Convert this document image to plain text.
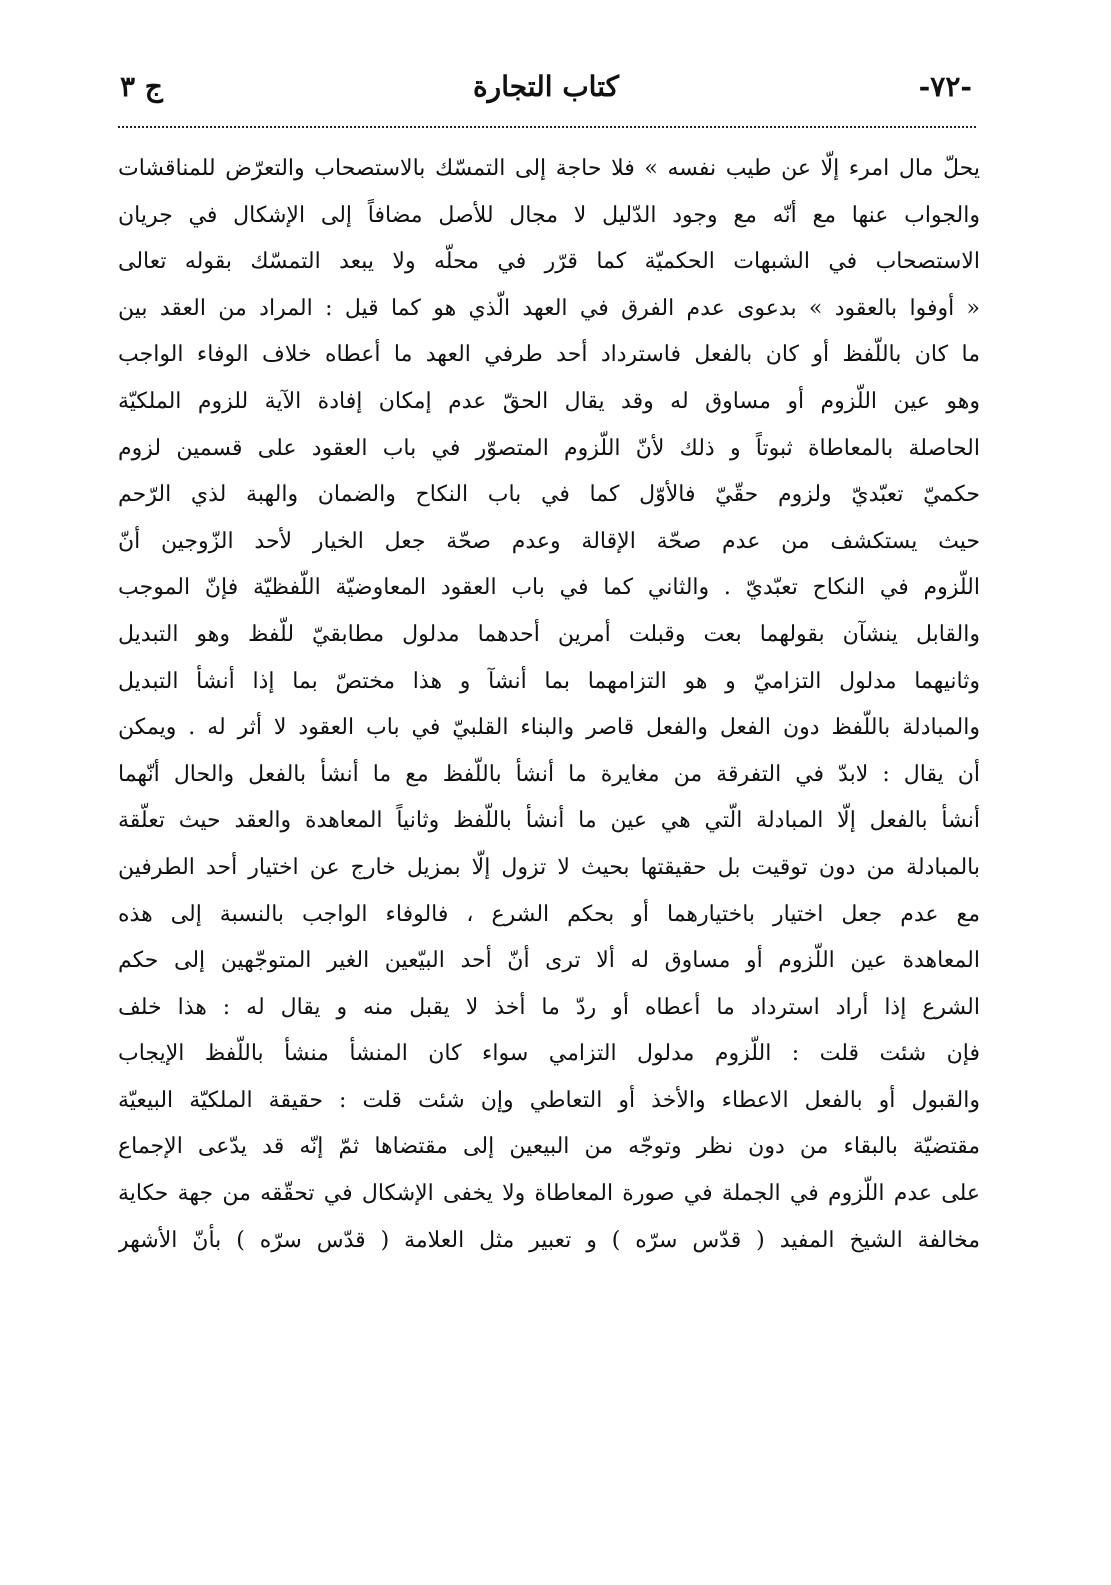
-٧٢-
كتاب التجارة
ج ٣
يحلّ مال امرء إلّا عن طيب نفسه » فلا حاجة إلى التمسّك بالاستصحاب والتعرّض للمناقشات
والجواب عنها مع أنّه مع وجود الدّليل لا مجال للأصل مضافاً إلى الإشكال في جريان
الاستصحاب في الشبهات الحكميّة كما قرّر في محلّه ولا يبعد التمسّك بقوله تعالى
« أوفوا بالعقود » بدعوى عدم الفرق في العهد الّذي هو كما قيل : المراد من العقد بين
ما كان باللّفظ أو كان بالفعل فاسترداد أحد طرفي العهد ما أعطاه خلاف الوفاء الواجب
وهو عين اللّزوم أو مساوق له وقد يقال الحقّ عدم إمكان إفادة الآية للزوم الملكيّة
الحاصلة بالمعاطاة ثبوتاً و ذلك لأنّ اللّزوم المتصوّر في باب العقود على قسمين لزوم
حكميّ تعبّديّ ولزوم حقّيّ فالأوّل كما في باب النكاح والضمان والهبة لذي الرّحم
حيث يستكشف من عدم صحّة الإقالة وعدم صحّة جعل الخيار لأحد الزّوجين أنّ
اللّزوم في النكاح تعبّديّ . والثاني كما في باب العقود المعاوضيّة اللّفظيّة فإنّ الموجب
والقابل ينشآن بقولهما بعت وقبلت أمرين أحدهما مدلول مطابقيّ للّفظ وهو التبديل
وثانيهما مدلول التزاميّ و هو التزامهما بما أنشآ و هذا مختصّ بما إذا أنشأ التبديل
والمبادلة باللّفظ دون الفعل والفعل قاصر والبناء القلبيّ في باب العقود لا أثر له . ويمكن
أن يقال : لابدّ في التفرقة من مغايرة ما أنشأ باللّفظ مع ما أنشأ بالفعل والحال أنّهما
أنشأ بالفعل إلّا المبادلة الّتي هي عين ما أنشأ باللّفظ وثانياً المعاهدة والعقد حيث تعلّقة
بالمبادلة من دون توقيت بل حقيقتها بحيث لا تزول إلّا بمزيل خارج عن اختيار أحد الطرفين
مع عدم جعل اختيار باختيارهما أو بحكم الشرع ، فالوفاء الواجب بالنسبة إلى هذه
المعاهدة عين اللّزوم أو مساوق له ألا ترى أنّ أحد البيّعين الغير المتوجّهين إلى حكم
الشرع إذا أراد استرداد ما أعطاه أو ردّ ما أخذ لا يقبل منه و يقال له : هذا خلف
فإن شئت قلت : اللّزوم مدلول التزامي سواء كان المنشأ منشأ باللّفظ الإيجاب
والقبول أو بالفعل الاعطاء والأخذ أو التعاطي وإن شئت قلت : حقيقة الملكيّة البيعيّة
مقتضيّة بالبقاء من دون نظر وتوجّه من البيعين إلى مقتضاها ثمّ إنّه قد يدّعى الإجماع
على عدم اللّزوم في الجملة في صورة المعاطاة ولا يخفى الإشكال في تحقّقه من جهة حكاية
مخالفة الشيخ المفيد ( قدّس سرّه ) و تعبير مثل العلامة ( قدّس سرّه ) بأنّ الأشهر
